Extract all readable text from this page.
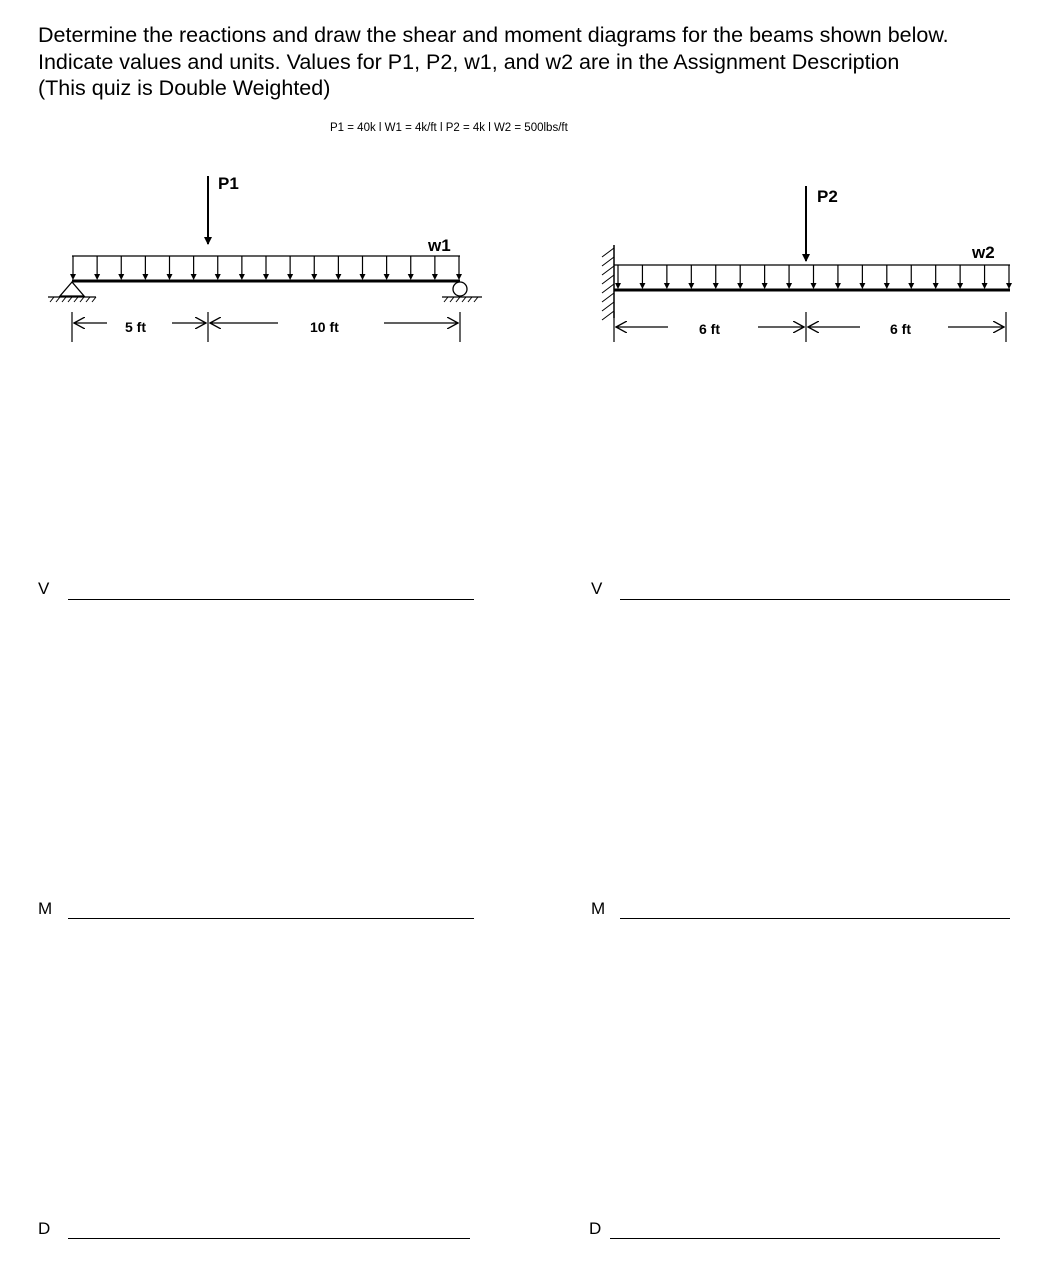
Determine the reactions and draw the shear and moment diagrams for the beams shown below.
Indicate values and units. Values for P1, P2, w1, and w2 are in the Assignment Description
(This quiz is Double Weighted)
P1 = 40k l W1 = 4k/ft l P2 = 4k l W2 = 500lbs/ft
P1
w1
5 ft	10 ft
P2
w2
6 ft	6 ft
V
M
D
V
M
D
